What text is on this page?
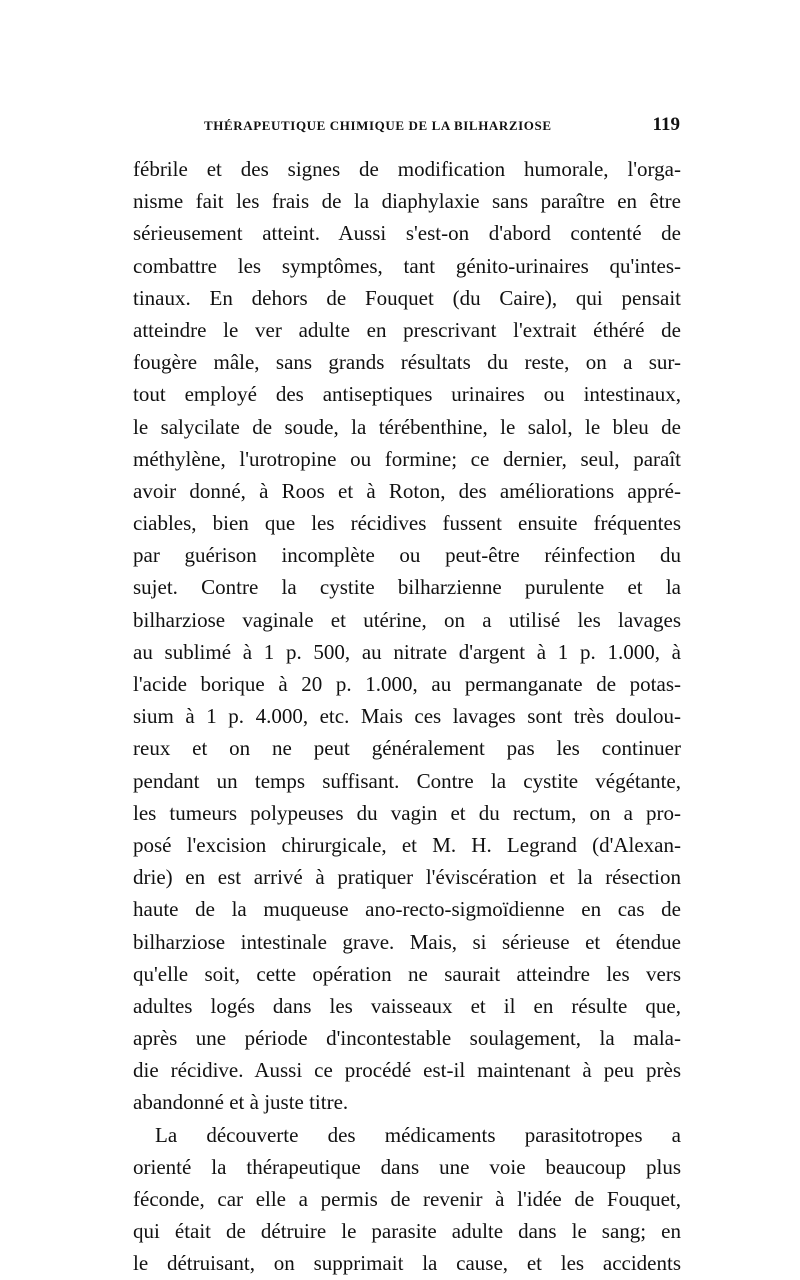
THÉRAPEUTIQUE CHIMIQUE DE LA BILHARZIOSE	119
fébrile et des signes de modification humorale, l'orga-
nisme fait les frais de la diaphylaxie sans paraître en être
sérieusement atteint. Aussi s'est-on d'abord contenté de
combattre les symptômes, tant génito-urinaires qu'intes-
tinaux. En dehors de Fouquet (du Caire), qui pensait
atteindre le ver adulte en prescrivant l'extrait éthéré de
fougère mâle, sans grands résultats du reste, on a sur-
tout employé des antiseptiques urinaires ou intestinaux,
le salycilate de soude, la térébenthine, le salol, le bleu de
méthylène, l'urotropine ou formine; ce dernier, seul, paraît
avoir donné, à Roos et à Roton, des améliorations appré-
ciables, bien que les récidives fussent ensuite fréquentes
par guérison incomplète ou peut-être réinfection du
sujet. Contre la cystite bilharzienne purulente et la
bilharziose vaginale et utérine, on a utilisé les lavages
au sublimé à 1 p. 500, au nitrate d'argent à 1 p. 1.000, à
l'acide borique à 20 p. 1.000, au permanganate de potas-
sium à 1 p. 4.000, etc. Mais ces lavages sont très doulou-
reux et on ne peut généralement pas les continuer
pendant un temps suffisant. Contre la cystite végétante,
les tumeurs polypeuses du vagin et du rectum, on a pro-
posé l'excision chirurgicale, et M. H. Legrand (d'Alexan-
drie) en est arrivé à pratiquer l'éviscération et la résection
haute de la muqueuse ano-recto-sigmoïdienne en cas de
bilharziose intestinale grave. Mais, si sérieuse et étendue
qu'elle soit, cette opération ne saurait atteindre les vers
adultes logés dans les vaisseaux et il en résulte que,
après une période d'incontestable soulagement, la mala-
die récidive. Aussi ce procédé est-il maintenant à peu près
abandonné et à juste titre.
La découverte des médicaments parasitotropes a
orienté la thérapeutique dans une voie beaucoup plus
féconde, car elle a permis de revenir à l'idée de Fouquet,
qui était de détruire le parasite adulte dans le sang; en
le détruisant, on supprimait la cause, et les accidents
